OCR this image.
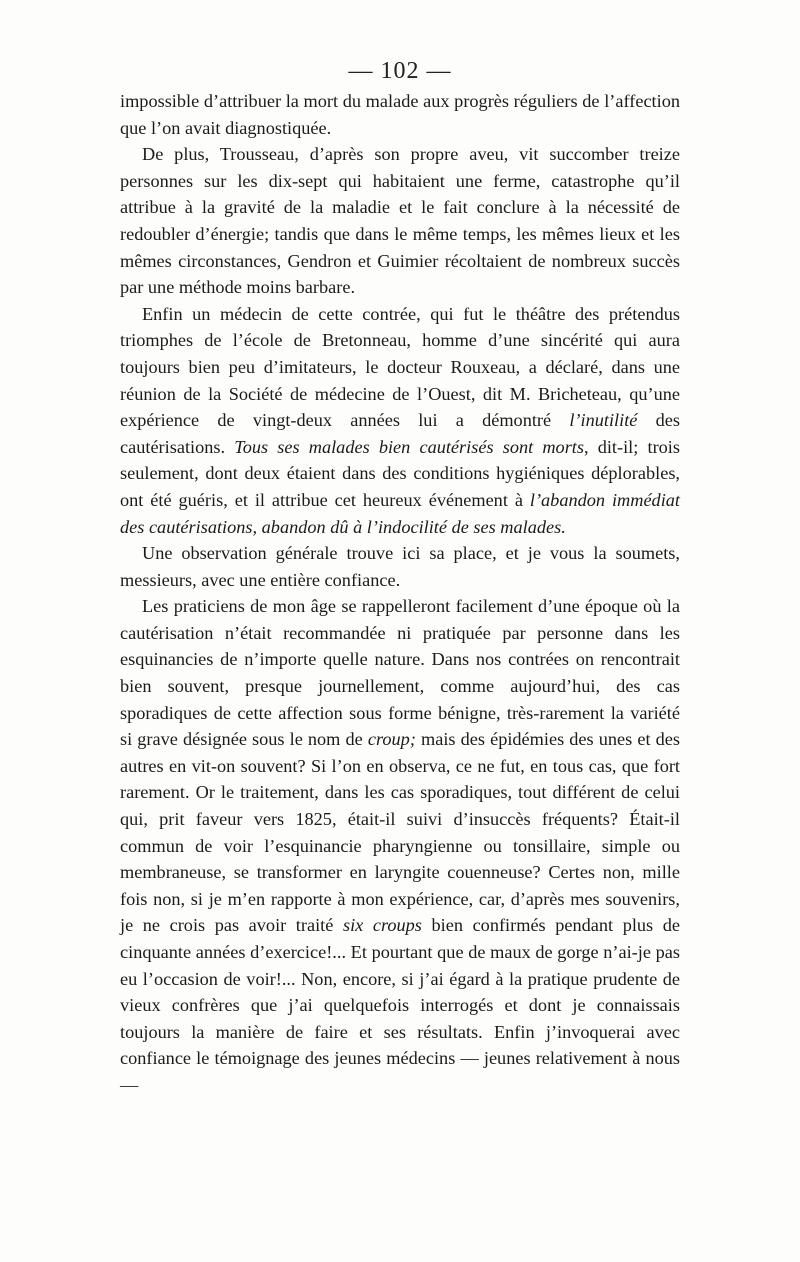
— 102 —

impossible d’attribuer la mort du malade aux progrès réguliers de l’affection que l’on avait diagnostiquée.

De plus, Trousseau, d’après son propre aveu, vit succomber treize personnes sur les dix-sept qui habitaient une ferme, catastrophe qu’il attribue à la gravité de la maladie et le fait conclure à la nécessité de redoubler d’énergie; tandis que dans le même temps, les mêmes lieux et les mêmes circonstances, Gendron et Guimier récoltaient de nombreux succès par une méthode moins barbare.

Enfin un médecin de cette contrée, qui fut le théâtre des prétendus triomphes de l’école de Bretonneau, homme d’une sincérité qui aura toujours bien peu d’imitateurs, le docteur Rouxeau, a déclaré, dans une réunion de la Société de médecine de l’Ouest, dit M. Bricheteau, qu’une expérience de vingt-deux années lui a démontré l’inutilité des cautérisations. Tous ses malades bien cautérisés sont morts, dit-il; trois seulement, dont deux étaient dans des conditions hygiéniques déplorables, ont été guéris, et il attribue cet heureux événement à l’abandon immédiat des cautérisations, abandon dû à l’indocilité de ses malades.

Une observation générale trouve ici sa place, et je vous la soumets, messieurs, avec une entière confiance.

Les praticiens de mon âge se rappelleront facilement d’une époque où la cautérisation n’était recommandée ni pratiquée par personne dans les esquinancies de n’importe quelle nature. Dans nos contrées on rencontrait bien souvent, presque journellement, comme aujourd’hui, des cas sporadiques de cette affection sous forme bénigne, très-rarement la variété si grave désignée sous le nom de croup; mais des épidémies des unes et des autres en vit-on souvent? Si l’on en observa, ce ne fut, en tous cas, que fort rarement. Or le traitement, dans les cas sporadiques, tout différent de celui qui, prit faveur vers 1825, était-il suivi d’insuccès fréquents? Était-il commun de voir l’esquinancie pharyngienne ou tonsillaire, simple ou membraneuse, se transformer en laryngite couenneuse? Certes non, mille fois non, si je m’en rapporte à mon expérience, car, d’après mes souvenirs, je ne crois pas avoir traité six croups bien confirmés pendant plus de cinquante années d’exercice!... Et pourtant que de maux de gorge n’ai-je pas eu l’occasion de voir!... Non, encore, si j’ai égard à la pratique prudente de vieux confrères que j’ai quelquefois interrogés et dont je connaissais toujours la manière de faire et ses résultats. Enfin j’invoquerai avec confiance le témoignage des jeunes médecins — jeunes relativement à nous —
